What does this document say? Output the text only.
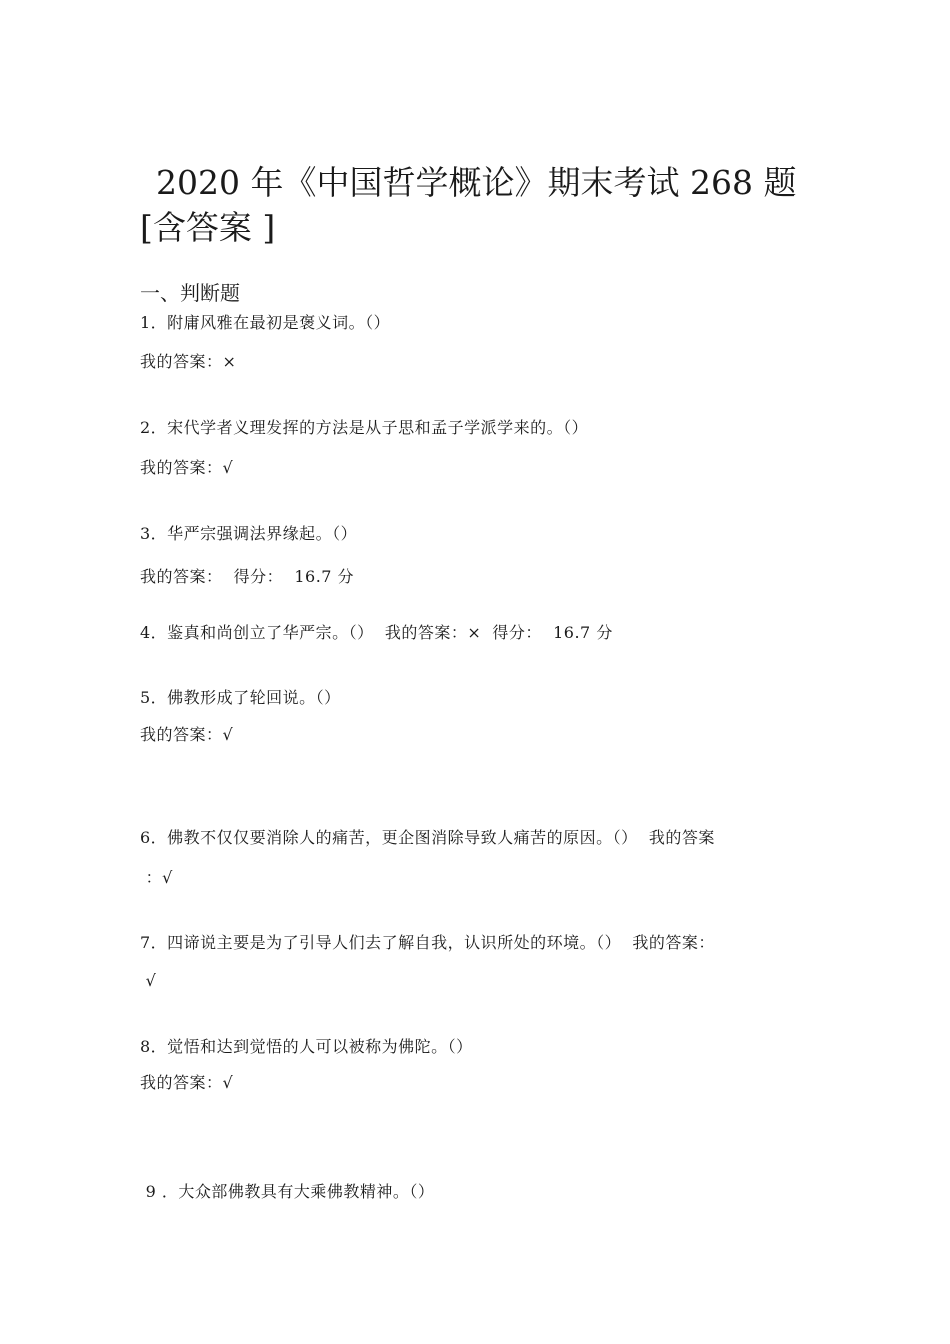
2020 年《中国哲学概论》期末考试 268 题
[含答案 ]
一、判断题
1．附庸风雅在最初是褒义词。（）
我的答案：×
2．宋代学者义理发挥的方法是从子思和孟子学派学来的。（）
我的答案：√
3．华严宗强调法界缘起。（）
我的答案：  得分：  16.7 分
4．鉴真和尚创立了华严宗。（）  我的答案：×  得分：  16.7 分
5．佛教形成了轮回说。（）
我的答案：√
6．佛教不仅仅要消除人的痛苦，更企图消除导致人痛苦的原因。（）  我的答案
：√
7．四谛说主要是为了引导人们去了解自我，认识所处的环境。（）  我的答案：
√
8．觉悟和达到觉悟的人可以被称为佛陀。（）
我的答案：√
9 ．大众部佛教具有大乘佛教精神。（）
